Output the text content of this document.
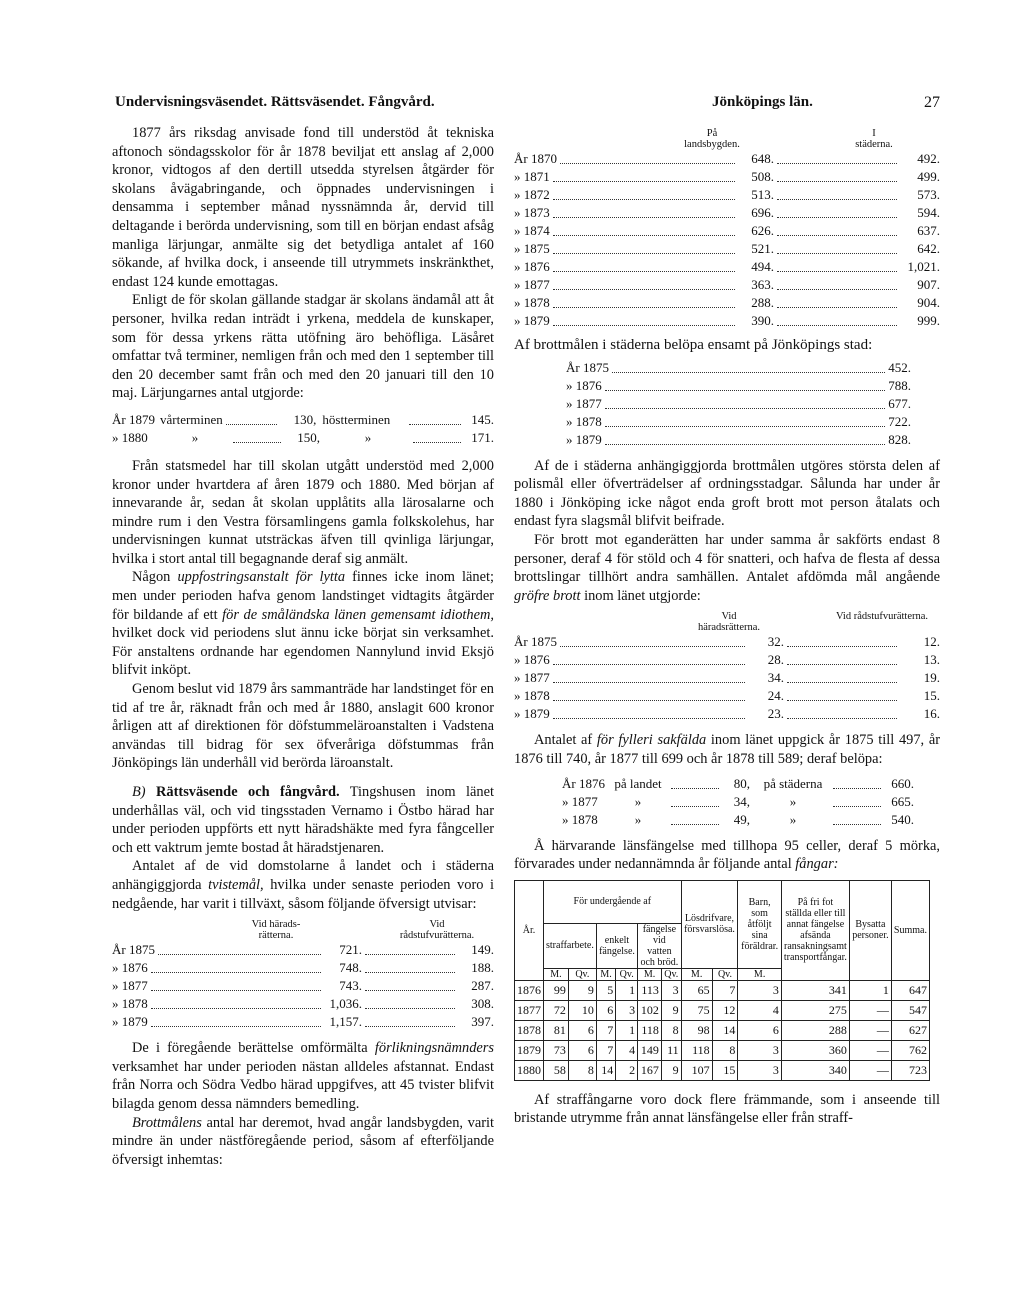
Undervisningsväsendet. Rättsväsendet. Fångvård.	Jönköpings län.	27

1877 års riksdag anvisade fond till understöd åt tekniska aftonoch söndagsskolor för år 1878 beviljat ett anslag af 2,000 kronor, vidtogos af den dertill utsedda styrelsen åtgärder för skolans åvägabringande, och öppnades undervisningen i densamma i september månad nyssnämnda år, dervid till deltagande i berörda undervisning, som till en början endast afsåg manliga lärjungar, anmälte sig det betydliga antalet af 160 sökande, af hvilka dock, i anseende till utrymmets inskränkthet, endast 124 kunde emottagas.

Enligt de för skolan gällande stadgar är skolans ändamål att åt personer, hvilka redan inträdt i yrkena, meddela de kunskaper, som för dessa yrkens rätta utöfning äro behöfliga. Läsåret omfattar två terminer, nemligen från och med den 1 september till den 20 december samt från och med den 20 januari till den 10 maj. Lärjungarnes antal utgjorde:

År 1879 vårterminen	130, höstterminen	145.
» 1880	»	150,	»	171.

Från statsmedel har till skolan utgått understöd med 2,000 kronor under hvartdera af åren 1879 och 1880. Med början af innevarande år, sedan åt skolan upplåtits alla lärosalarne och mindre rum i den Vestra församlingens gamla folkskolehus, har undervisningen kunnat utsträckas äfven till qvinliga lärjungar, hvilka i stort antal till begagnande deraf sig anmält.

Någon uppfostringsanstalt för lytta finnes icke inom länet; men under perioden hafva genom landstinget vidtagits åtgärder för bildande af ett för de småländska länen gemensamt idiothem, hvilket dock vid periodens slut ännu icke börjat sin verksamhet. För anstaltens ordnande har egendomen Nannylund invid Eksjö blifvit inköpt.

Genom beslut vid 1879 års sammanträde har landstinget för en tid af tre år, räknadt från och med år 1880, anslagit 600 kronor årligen att af direktionen för döfstummeläroanstalten i Vadstena användas till bidrag för sex öfveråriga döfstummas från Jönköpings län underhåll vid berörda läroanstalt.

B) Rättsväsende och fångvård. Tingshusen inom länet underhållas väl, och vid tingsstaden Vernamo i Östbo härad har under perioden uppförts ett nytt häradshäkte med fyra fångceller och ett vaktrum jemte bostad åt häradstjenaren.

Antalet af de vid domstolarne å landet och i städerna anhängiggjorda tvistemål, hvilka under senaste perioden voro i nedgående, har varit i tillväxt, såsom följande öfversigt utvisar:

Vid härads-rätterna.
Vid rådstufvurätterna.
År 1875	721.	149.
» 1876	748.	188.
» 1877	743.	287.
» 1878	1,036.	308.
» 1879	1,157.	397.

De i föregående berättelse omförmälta förlikningsnämnders verksamhet har under perioden nästan alldeles afstannat. Endast från Norra och Södra Vedbo härad uppgifves, att 45 tvister blifvit bilagda genom dessa nämnders bemedling.

Brottmålens antal har deremot, hvad angår landsbygden, varit mindre än under nästföregående period, såsom af efterföljande öfversigt inhemtas:

På landsbygden.
I städerna.
År 1870	648.	492.
» 1871	508.	499.
» 1872	513.	573.
» 1873	696.	594.
» 1874	626.	637.
» 1875	521.	642.
» 1876	494.	1,021.
» 1877	363.	907.
» 1878	288.	904.
» 1879	390.	999.

Af brottmålen i städerna belöpa ensamt på Jönköpings stad:

År 1875	452.
» 1876	788.
» 1877	677.
» 1878	722.
» 1879	828.

Af de i städerna anhängiggjorda brottmålen utgöres största delen af polismål eller öfverträdelser af ordningsstadgar. Sålunda har under år 1880 i Jönköping icke något enda groft brott mot person åtalats och endast fyra slagsmål blifvit beifrade.

För brott mot eganderätten har under samma år sakförts endast 8 personer, deraf 4 för stöld och 4 för snatteri, och hafva de flesta af dessa brottslingar tillhört andra samhällen. Antalet afdömda mål angående gröfre brott inom länet utgjorde:

Vid häradsrätterna.
Vid rådstufvurätterna.
År 1875	32.	12.
» 1876	28.	13.
» 1877	34.	19.
» 1878	24.	15.
» 1879	23.	16.

Antalet af för fylleri sakfälda inom länet uppgick år 1875 till 497, år 1876 till 740, år 1877 till 699 och år 1878 till 589; deraf belöpa:

År 1876 på landet	80,	på städerna	660.
» 1877	»	34,	»	665.
» 1878	»	49,	»	540.

Å härvarande länsfängelse med tillhopa 95 celler, deraf 5 mörka, förvarades under nedannämnda år följande antal fångar:

År.	För undergående af						Lösdrifvare, försvarslösa.		Barn, som åtföljt sina föräldrar.	På fri fot ställda eller till annat fängelse afsända ransakningsamt transportfångar.	Bysatta personer.	Summa.
	straffarbete.		enkelt fängelse.		fängelse vid vatten och bröd.							
	M.	Qv.	M.	Qv.	M.	Qv.	M.	Qv.	M.			
1876	99	9	5	1	113	3	65	7	3	341	1	647
1877	72	10	6	3	102	9	75	12	4	275	—	547
1878	81	6	7	1	118	8	98	14	6	288	—	627
1879	73	6	7	4	149	11	118	8	3	360	—	762
1880	58	8	14	2	167	9	107	15	3	340	—	723

Af straffångarne voro dock flere främmande, som i anseende till bristande utrymme från annat länsfängelse eller från straff-
